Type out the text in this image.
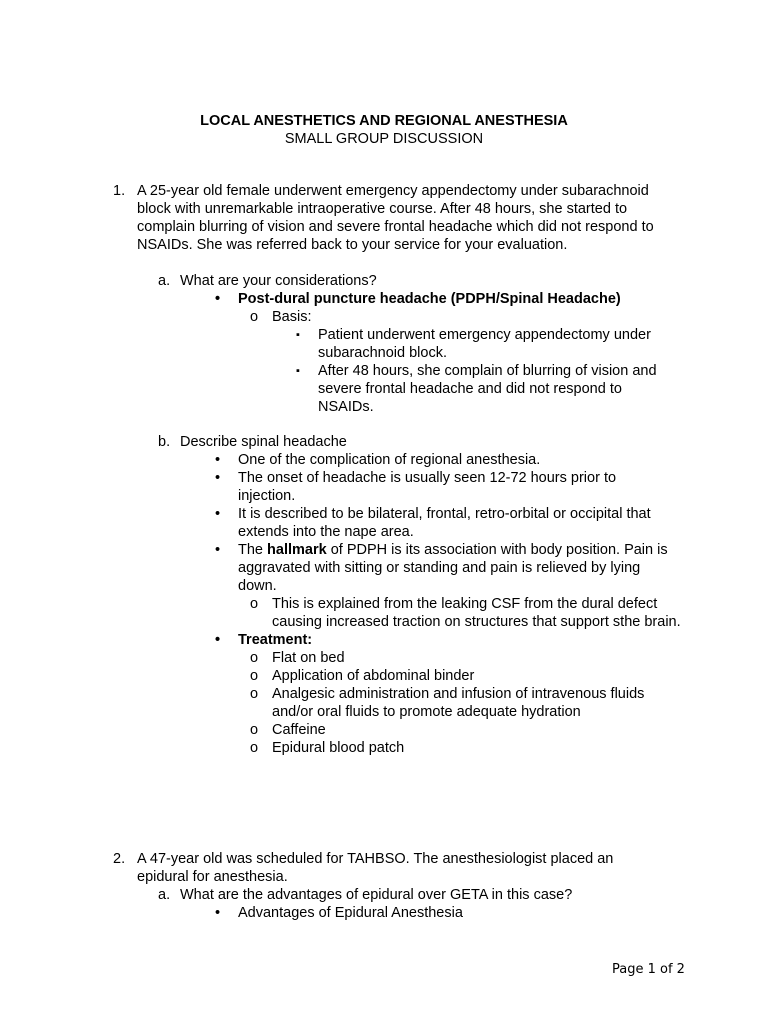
LOCAL ANESTHETICS AND REGIONAL ANESTHESIA
SMALL GROUP DISCUSSION
1. A 25-year old female underwent emergency appendectomy under subarachnoid block with unremarkable intraoperative course. After 48 hours, she started to complain blurring of vision and severe frontal headache which did not respond to NSAIDs. She was referred back to your service for your evaluation.
a. What are your considerations?
• Post-dural puncture headache (PDPH/Spinal Headache)
o Basis:
▪ Patient underwent emergency appendectomy under subarachnoid block.
▪ After 48 hours, she complain of blurring of vision and severe frontal headache and did not respond to NSAIDs.
b. Describe spinal headache
• One of the complication of regional anesthesia.
• The onset of headache is usually seen 12-72 hours prior to injection.
• It is described to be bilateral, frontal, retro-orbital or occipital that extends into the nape area.
• The hallmark of PDPH is its association with body position. Pain is aggravated with sitting or standing and pain is relieved by lying down.
o This is explained from the leaking CSF from the dural defect causing increased traction on structures that support sthe brain.
• Treatment:
o Flat on bed
o Application of abdominal binder
o Analgesic administration and infusion of intravenous fluids and/or oral fluids to promote adequate hydration
o Caffeine
o Epidural blood patch
2. A 47-year old was scheduled for TAHBSO. The anesthesiologist placed an epidural for anesthesia.
a. What are the advantages of epidural over GETA in this case?
• Advantages of Epidural Anesthesia
Page 1 of 2
